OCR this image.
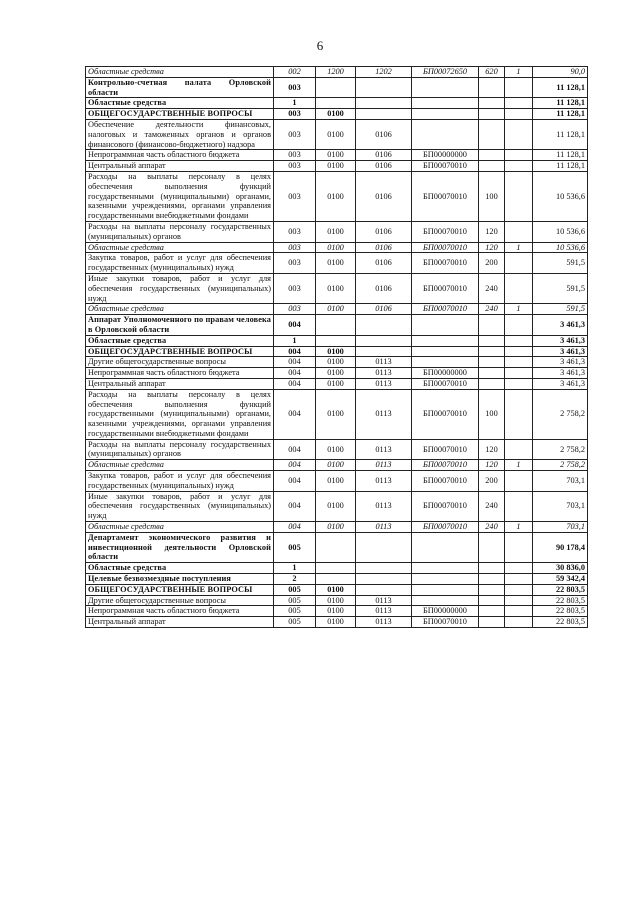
6
Областные средства	002	1200	1202	БП00072650	620	1	90,0
Контрольно-счетная палата Орловской области	003						11 128,1
Областные средства	1						11 128,1
ОБЩЕГОСУДАРСТВЕННЫЕ ВОПРОСЫ	003	0100					11 128,1
Обеспечение деятельности финансовых, налоговых и таможенных органов и органов финансового (финансово-бюджетного) надзора	003	0100	0106				11 128,1
Непрограммная часть областного бюджета	003	0100	0106	БП00000000			11 128,1
Центральный аппарат	003	0100	0106	БП00070010			11 128,1
Расходы на выплаты персоналу в целях обеспечения выполнения функций государственными (муниципальными) органами, казенными учреждениями, органами управления государственными внебюджетными фондами	003	0100	0106	БП00070010	100		10 536,6
Расходы на выплаты персоналу государственных (муниципальных) органов	003	0100	0106	БП00070010	120		10 536,6
Областные средства	003	0100	0106	БП00070010	120	1	10 536,6
Закупка товаров, работ и услуг для обеспечения государственных (муниципальных) нужд	003	0100	0106	БП00070010	200		591,5
Иные закупки товаров, работ и услуг для обеспечения государственных (муниципальных) нужд	003	0100	0106	БП00070010	240		591,5
Областные средства	003	0100	0106	БП00070010	240	1	591,5
Аппарат Уполномоченного по правам человека в Орловской области	004						3 461,3
Областные средства	1						3 461,3
ОБЩЕГОСУДАРСТВЕННЫЕ ВОПРОСЫ	004	0100					3 461,3
Другие общегосударственные вопросы	004	0100	0113				3 461,3
Непрограммная часть областного бюджета	004	0100	0113	БП00000000			3 461,3
Центральный аппарат	004	0100	0113	БП00070010			3 461,3
Расходы на выплаты персоналу в целях обеспечения выполнения функций государственными (муниципальными) органами, казенными учреждениями, органами управления государственными внебюджетными фондами	004	0100	0113	БП00070010	100		2 758,2
Расходы на выплаты персоналу государственных (муниципальных) органов	004	0100	0113	БП00070010	120		2 758,2
Областные средства	004	0100	0113	БП00070010	120	1	2 758,2
Закупка товаров, работ и услуг для обеспечения государственных (муниципальных) нужд	004	0100	0113	БП00070010	200		703,1
Иные закупки товаров, работ и услуг для обеспечения государственных (муниципальных) нужд	004	0100	0113	БП00070010	240		703,1
Областные средства	004	0100	0113	БП00070010	240	1	703,1
Департамент экономического развития и инвестиционной деятельности Орловской области	005						90 178,4
Областные средства	1						30 836,0
Целевые безвозмездные поступления	2						59 342,4
ОБЩЕГОСУДАРСТВЕННЫЕ ВОПРОСЫ	005	0100					22 803,5
Другие общегосударственные вопросы	005	0100	0113				22 803,5
Непрограммная часть областного бюджета	005	0100	0113	БП00000000			22 803,5
Центральный аппарат	005	0100	0113	БП00070010			22 803,5
